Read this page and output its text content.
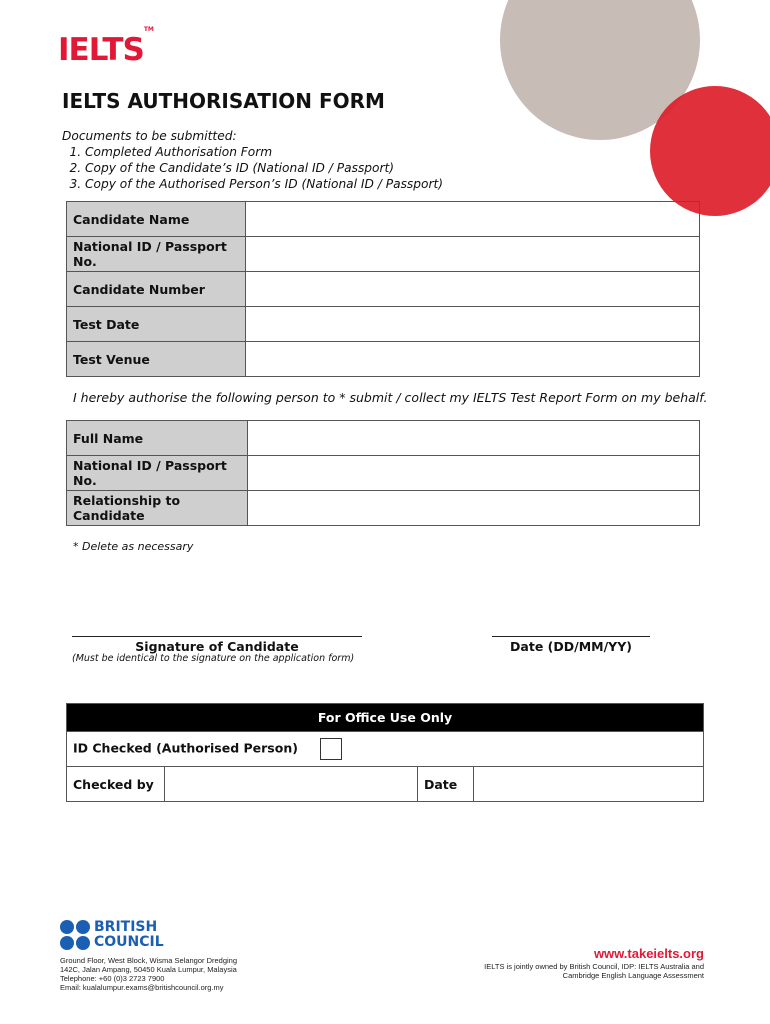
IELTS™
IELTS AUTHORISATION FORM
Documents to be submitted:
1. Completed Authorisation Form
2. Copy of the Candidate’s ID (National ID / Passport)
3. Copy of the Authorised Person’s ID (National ID / Passport)
Candidate Name	
National ID / Passport No.	
Candidate Number	
Test Date	
Test Venue	
I hereby authorise the following person to * submit / collect my IELTS Test Report Form on my behalf.
Full Name	
National ID / Passport No.	
Relationship to Candidate	
* Delete as necessary
Signature of Candidate
(Must be identical to the signature on the application form)
Date (DD/MM/YY)
For Office Use Only
ID Checked (Authorised Person)
Checked by		Date	
BRITISH
COUNCIL
Ground Floor, West Block, Wisma Selangor Dredging
142C, Jalan Ampang, 50450 Kuala Lumpur, Malaysia
Telephone: +60 (0)3 2723 7900
Email: kualalumpur.exams@britishcouncil.org.my
www.takeielts.org
IELTS is jointly owned by British Council, IDP: IELTS Australia and Cambridge English Language Assessment
